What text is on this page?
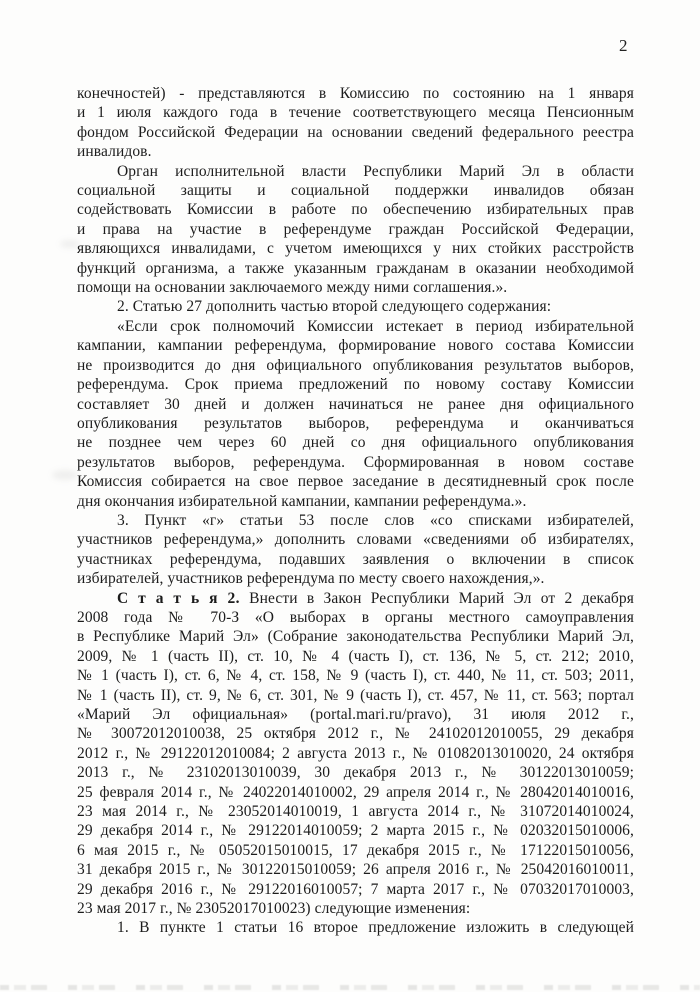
2
конечностей) - представляются в Комиссию по состоянию на 1 января
и 1 июля каждого года в течение соответствующего месяца Пенсионным
фондом Российской Федерации на основании сведений федерального реестра
инвалидов.
Орган исполнительной власти Республики Марий Эл в области
социальной защиты и социальной поддержки инвалидов обязан
содействовать Комиссии в работе по обеспечению избирательных прав
и права на участие в референдуме граждан Российской Федерации,
являющихся инвалидами, с учетом имеющихся у них стойких расстройств
функций организма, а также указанным гражданам в оказании необходимой
помощи на основании заключаемого между ними соглашения.».
2. Статью 27 дополнить частью второй следующего содержания:
«Если срок полномочий Комиссии истекает в период избирательной
кампании, кампании референдума, формирование нового состава Комиссии
не производится до дня официального опубликования результатов выборов,
референдума. Срок приема предложений по новому составу Комиссии
составляет 30 дней и должен начинаться не ранее дня официального
опубликования результатов выборов, референдума и оканчиваться
не позднее чем через 60 дней со дня официального опубликования
результатов выборов, референдума. Сформированная в новом составе
Комиссия собирается на свое первое заседание в десятидневный срок после
дня окончания избирательной кампании, кампании референдума.».
3. Пункт «г» статьи 53 после слов «со списками избирателей,
участников референдума,» дополнить словами «сведениями об избирателях,
участниках референдума, подавших заявления о включении в список
избирателей, участников референдума по месту своего нахождения,».
С т а т ь я 2. Внести в Закон Республики Марий Эл от 2 декабря
2008 года № 70-З «О выборах в органы местного самоуправления
в Республике Марий Эл» (Собрание законодательства Республики Марий Эл,
2009, № 1 (часть II), ст. 10, № 4 (часть I), ст. 136, № 5, ст. 212; 2010,
№ 1 (часть I), ст. 6, № 4, ст. 158, № 9 (часть I), ст. 440, № 11, ст. 503; 2011,
№ 1 (часть II), ст. 9, № 6, ст. 301, № 9 (часть I), ст. 457, № 11, ст. 563; портал
«Марий Эл официальная» (portal.mari.ru/pravo), 31 июля 2012 г.,
№ 30072012010038, 25 октября 2012 г., № 24102012010055, 29 декабря
2012 г., № 29122012010084; 2 августа 2013 г., № 01082013010020, 24 октября
2013 г., № 23102013010039, 30 декабря 2013 г., № 30122013010059;
25 февраля 2014 г., № 24022014010002, 29 апреля 2014 г., № 28042014010016,
23 мая 2014 г., № 23052014010019, 1 августа 2014 г., № 31072014010024,
29 декабря 2014 г., № 29122014010059; 2 марта 2015 г., № 02032015010006,
6 мая 2015 г., № 05052015010015, 17 декабря 2015 г., № 17122015010056,
31 декабря 2015 г., № 30122015010059; 26 апреля 2016 г., № 25042016010011,
29 декабря 2016 г., № 29122016010057; 7 марта 2017 г., № 07032017010003,
23 мая 2017 г., № 23052017010023) следующие изменения:
1. В пункте 1 статьи 16 второе предложение изложить в следующей
